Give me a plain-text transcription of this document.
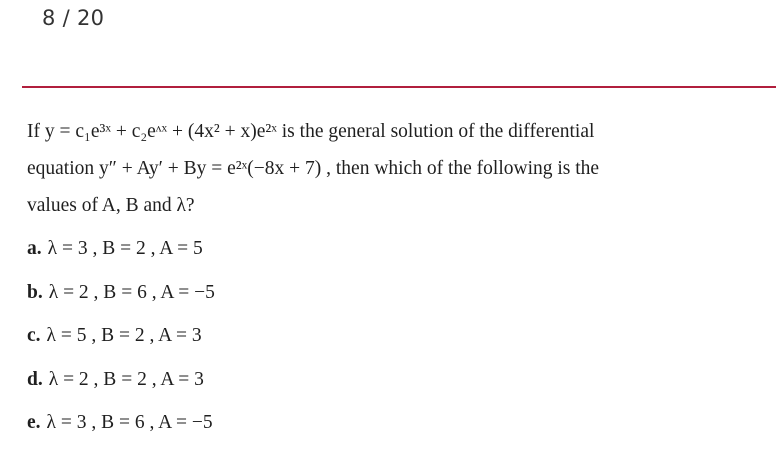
8 / 20
If y = c₁e³ˣ + c₂eᶺˣ + (4x² + x)e²ˣ is the general solution of the differential
equation y″ + Ay′ + By = e²ˣ(−8x + 7) , then which of the following is the
values of A, B and λ?
a. λ = 3 , B = 2 , A = 5
b. λ = 2 , B = 6 , A = −5
c. λ = 5 , B = 2 , A = 3
d. λ = 2 , B = 2 , A = 3
e. λ = 3 , B = 6 , A = −5
